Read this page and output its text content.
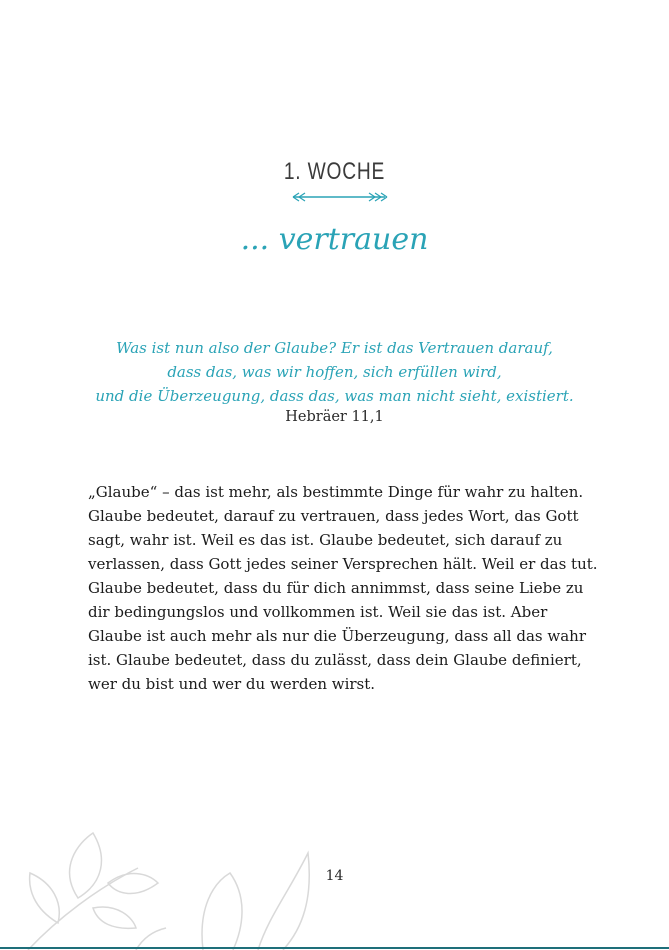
1. WOCHE
... vertrauen
Was ist nun also der Glaube? Er ist das Vertrauen darauf,
dass das, was wir hoffen, sich erfüllen wird,
und die Überzeugung, dass das, was man nicht sieht, existiert.
Hebräer 11,1
„Glaube“ – das ist mehr, als bestimmte Dinge für wahr zu halten.
Glaube bedeutet, darauf zu vertrauen, dass jedes Wort, das Gott
sagt, wahr ist. Weil es das ist. Glaube bedeutet, sich darauf zu
verlassen, dass Gott jedes seiner Versprechen hält. Weil er das tut.
Glaube bedeutet, dass du für dich annimmst, dass seine Liebe zu
dir bedingungslos und vollkommen ist. Weil sie das ist. Aber
Glaube ist auch mehr als nur die Überzeugung, dass all das wahr
ist. Glaube bedeutet, dass du zulässt, dass dein Glaube definiert,
wer du bist und wer du werden wirst.
14
